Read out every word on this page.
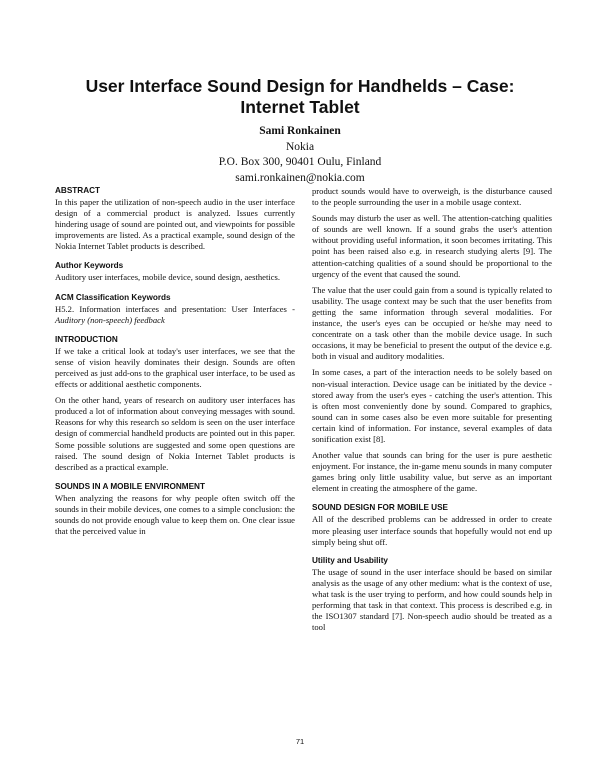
User Interface Sound Design for Handhelds – Case:
Internet Tablet
Sami Ronkainen
Nokia
P.O. Box 300, 90401 Oulu, Finland
sami.ronkainen@nokia.com
ABSTRACT

In this paper the utilization of non-speech audio in the user interface design of a commercial product is analyzed. Issues currently hindering usage of sound are pointed out, and viewpoints for possible improvements are listed. As a practical example, sound design of the Nokia Internet Tablet products is described.

Author Keywords

Auditory user interfaces, mobile device, sound design, aesthetics.

ACM Classification Keywords

H5.2. Information interfaces and presentation: User Interfaces - Auditory (non-speech) feedback

INTRODUCTION

If we take a critical look at today's user interfaces, we see that the sense of vision heavily dominates their design. Sounds are often perceived as just add-ons to the graphical user interface, to be used as effects or additional aesthetic components.

On the other hand, years of research on auditory user interfaces has produced a lot of information about conveying messages with sound. Reasons for why this research so seldom is seen on the user interface design of commercial handheld products are pointed out in this paper. Some possible solutions are suggested and some open questions are raised. The sound design of Nokia Internet Tablet products is described as a practical example.

SOUNDS IN A MOBILE ENVIRONMENT

When analyzing the reasons for why people often switch off the sounds in their mobile devices, one comes to a simple conclusion: the sounds do not provide enough value to keep them on. One clear issue that the perceived value in

product sounds would have to overweigh, is the disturbance caused to the people surrounding the user in a mobile usage context.

Sounds may disturb the user as well. The attention-catching qualities of sounds are well known. If a sound grabs the user's attention without providing useful information, it soon becomes irritating. This point has been raised also e.g. in research studying alerts [9]. The attention-catching qualities of a sound should be proportional to the urgency of the event that caused the sound.

The value that the user could gain from a sound is typically related to usability. The usage context may be such that the user benefits from getting the same information through several modalities. For instance, the user's eyes can be occupied or he/she may need to concentrate on a task other than the mobile device usage. In such occasions, it may be beneficial to present the output of the device e.g. both in visual and auditory modalities.

In some cases, a part of the interaction needs to be solely based on non-visual interaction. Device usage can be initiated by the device - stored away from the user's eyes - catching the user's attention. This is often most conveniently done by sound. Compared to graphics, sound can in some cases also be even more suitable for presenting certain kind of information. For instance, several examples of data sonification exist [8].

Another value that sounds can bring for the user is pure aesthetic enjoyment. For instance, the in-game menu sounds in many computer games bring only little usability value, but serve as an important element in creating the atmosphere of the game.

SOUND DESIGN FOR MOBILE USE

All of the described problems can be addressed in order to create more pleasing user interface sounds that hopefully would not end up simply being shut off.

Utility and Usability

The usage of sound in the user interface should be based on similar analysis as the usage of any other medium: what is the context of use, what task is the user trying to perform, and how could sounds help in performing that task in that context. This process is described e.g. in the ISO1307 standard [7]. Non-speech audio should be treated as a tool

71
